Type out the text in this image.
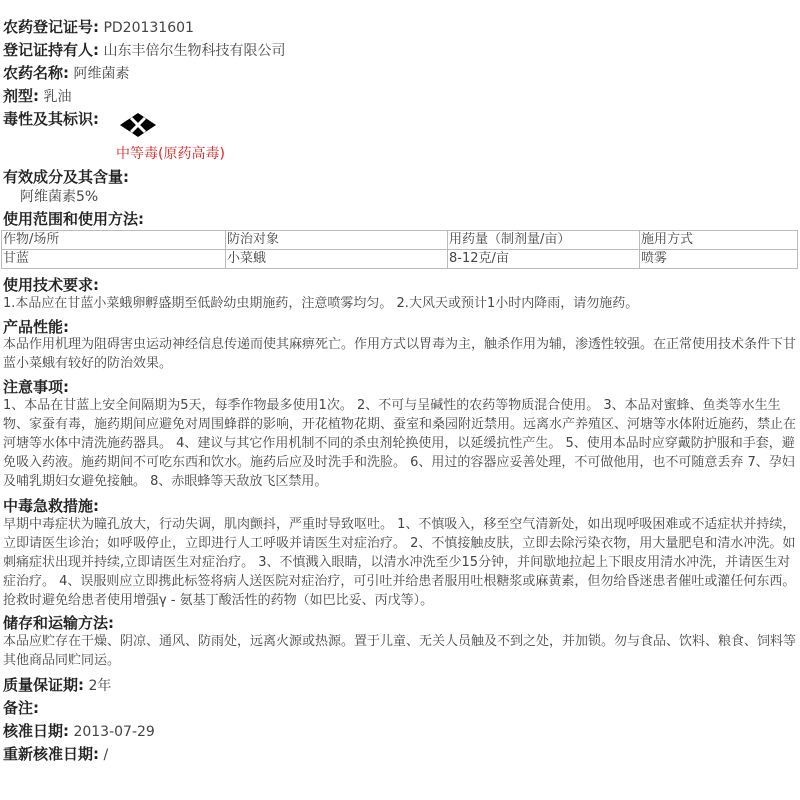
农药登记证号: PD20131601
登记证持有人: 山东丰倍尔生物科技有限公司
农药名称: 阿维菌素
剂型: 乳油
毒性及其标识:
中等毒(原药高毒)
有效成分及其含量:
阿维菌素5%
使用范围和使用方法:
作物/场所	防治对象	用药量（制剂量/亩）	施用方式
甘蓝	小菜蛾	8-12克/亩	喷雾
使用技术要求:
1.本品应在甘蓝小菜蛾卵孵盛期至低龄幼虫期施药，注意喷雾均匀。 2.大风天或预计1小时内降雨，请勿施药。
产品性能:
本品作用机理为阻碍害虫运动神经信息传递而使其麻痹死亡。作用方式以胃毒为主，触杀作用为辅，渗透性较强。在正常使用技术条件下甘蓝小菜蛾有较好的防治效果。
注意事项:
1、本品在甘蓝上安全间隔期为5天，每季作物最多使用1次。 2、不可与呈碱性的农药等物质混合使用。 3、本品对蜜蜂、鱼类等水生生物、家蚕有毒，施药期间应避免对周围蜂群的影响，开花植物花期、蚕室和桑园附近禁用。远离水产养殖区、河塘等水体附近施药，禁止在河塘等水体中清洗施药器具。 4、建议与其它作用机制不同的杀虫剂轮换使用，以延缓抗性产生。 5、使用本品时应穿戴防护服和手套，避免吸入药液。施药期间不可吃东西和饮水。施药后应及时洗手和洗脸。 6、用过的容器应妥善处理，不可做他用，也不可随意丢弃 7、孕妇及哺乳期妇女避免接触。 8、赤眼蜂等天敌放飞区禁用。
中毒急救措施:
早期中毒症状为瞳孔放大，行动失调，肌肉颤抖，严重时导致呕吐。 1、不慎吸入，移至空气清新处，如出现呼吸困难或不适症状并持续，立即请医生诊治；如呼吸停止，立即进行人工呼吸并请医生对症治疗。 2、不慎接触皮肤，立即去除污染衣物，用大量肥皂和清水冲洗。如刺痛症状出现并持续,立即请医生对症治疗。 3、不慎溅入眼睛，以清水冲洗至少15分钟，并间歇地拉起上下眼皮用清水冲洗，并请医生对症治疗。 4、误服则应立即携此标签将病人送医院对症治疗，可引吐并给患者服用吐根糖浆或麻黄素，但勿给昏迷患者催吐或灌任何东西。抢救时避免给患者使用增强γ - 氨基丁酸活性的药物（如巴比妥、丙戊等）。
储存和运输方法:
本品应贮存在干燥、阴凉、通风、防雨处，远离火源或热源。置于儿童、无关人员触及不到之处，并加锁。勿与食品、饮料、粮食、饲料等其他商品同贮同运。
质量保证期: 2年
备注:
核准日期: 2013-07-29
重新核准日期: /
